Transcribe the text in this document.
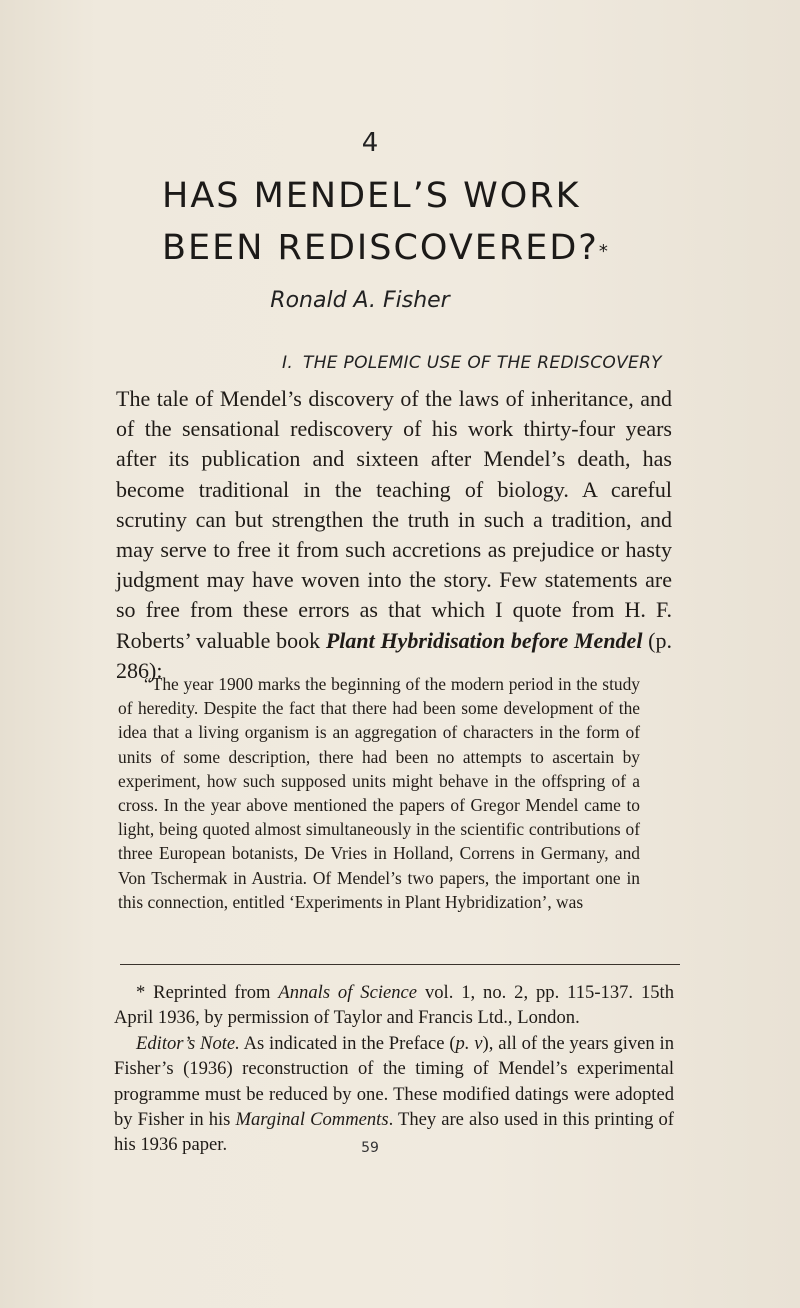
4
HAS MENDEL’S WORK
BEEN REDISCOVERED?*
Ronald A. Fisher
I. THE POLEMIC USE OF THE REDISCOVERY

The tale of Mendel’s discovery of the laws of inheritance, and of the sensational rediscovery of his work thirty-four years after its publication and sixteen after Mendel’s death, has become traditional in the teaching of biology. A careful scrutiny can but strengthen the truth in such a tradition, and may serve to free it from such accretions as prejudice or hasty judgment may have woven into the story. Few statements are so free from these errors as that which I quote from H. F. Roberts’ valuable book Plant Hybridisation before Mendel (p. 286):

“The year 1900 marks the beginning of the modern period in the study of heredity. Despite the fact that there had been some development of the idea that a living organism is an aggregation of characters in the form of units of some description, there had been no attempts to ascertain by experiment, how such supposed units might behave in the offspring of a cross. In the year above mentioned the papers of Gregor Mendel came to light, being quoted almost simultaneously in the scientific contributions of three European botanists, De Vries in Holland, Correns in Germany, and Von Tschermak in Austria. Of Mendel’s two papers, the important one in this connection, entitled ‘Experiments in Plant Hybridization’, was

* Reprinted from Annals of Science vol. 1, no. 2, pp. 115-137. 15th April 1936, by permission of Taylor and Francis Ltd., London.

Editor’s Note. As indicated in the Preface (p. v), all of the years given in Fisher’s (1936) reconstruction of the timing of Mendel’s experimental programme must be reduced by one. These modified datings were adopted by Fisher in his Marginal Comments. They are also used in this printing of his 1936 paper.	59
